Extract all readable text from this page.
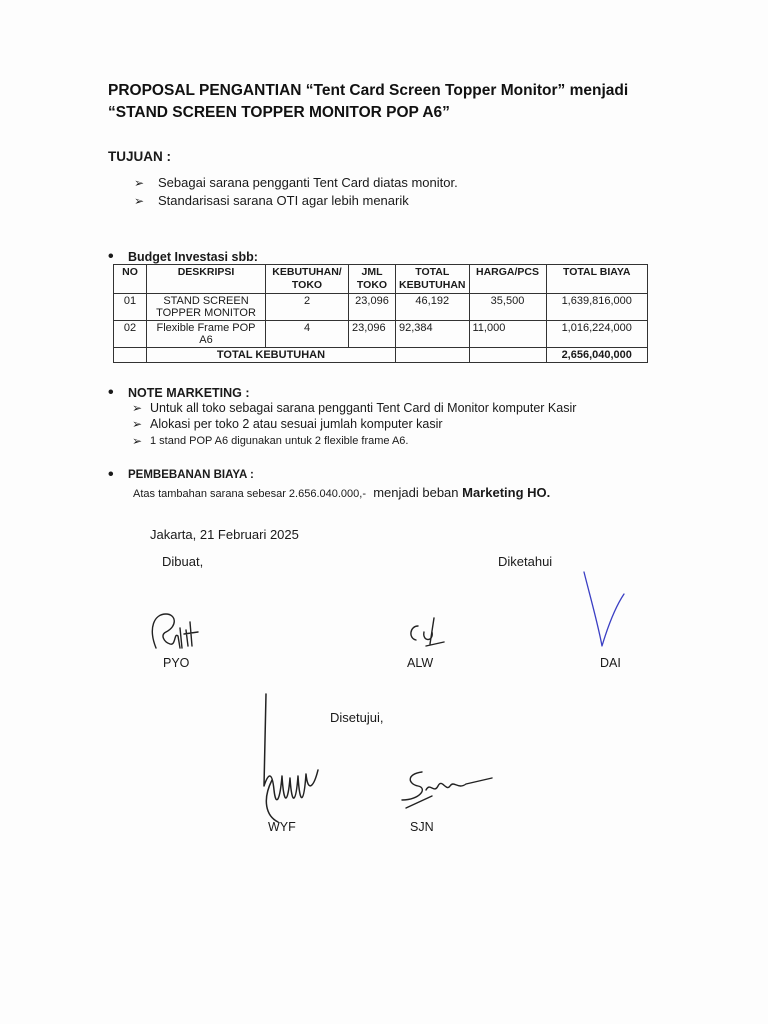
PROPOSAL PENGANTIAN “Tent Card Screen Topper Monitor” menjadi
“STAND SCREEN TOPPER MONITOR POP A6”
TUJUAN :
➢	Sebagai sarana pengganti Tent Card diatas monitor.
➢	Standarisasi sarana OTI agar lebih menarik
•	Budget Investasi sbb:
NO	DESKRIPSI	KEBUTUHAN/ TOKO	JML TOKO	TOTAL KEBUTUHAN	HARGA/PCS	TOTAL BIAYA
01	STAND SCREEN TOPPER MONITOR	2	23,096	46,192	35,500	1,639,816,000
02	Flexible Frame POP A6	4	23,096	92,384	11,000	1,016,224,000
	TOTAL KEBUTUHAN					2,656,040,000
•	NOTE MARKETING :
➢ Untuk all toko sebagai sarana pengganti Tent Card di Monitor komputer Kasir
➢ Alokasi per toko 2 atau sesuai jumlah komputer kasir
➢ 1 stand POP A6 digunakan untuk 2 flexible frame A6.
•	PEMBEBANAN BIAYA :
Atas tambahan sarana sebesar 2.656.040.000,-  menjadi beban Marketing HO.
Jakarta, 21 Februari 2025
Dibuat,	Diketahui
PYO	ALW	DAI
Disetujui,
WYF	SJN
